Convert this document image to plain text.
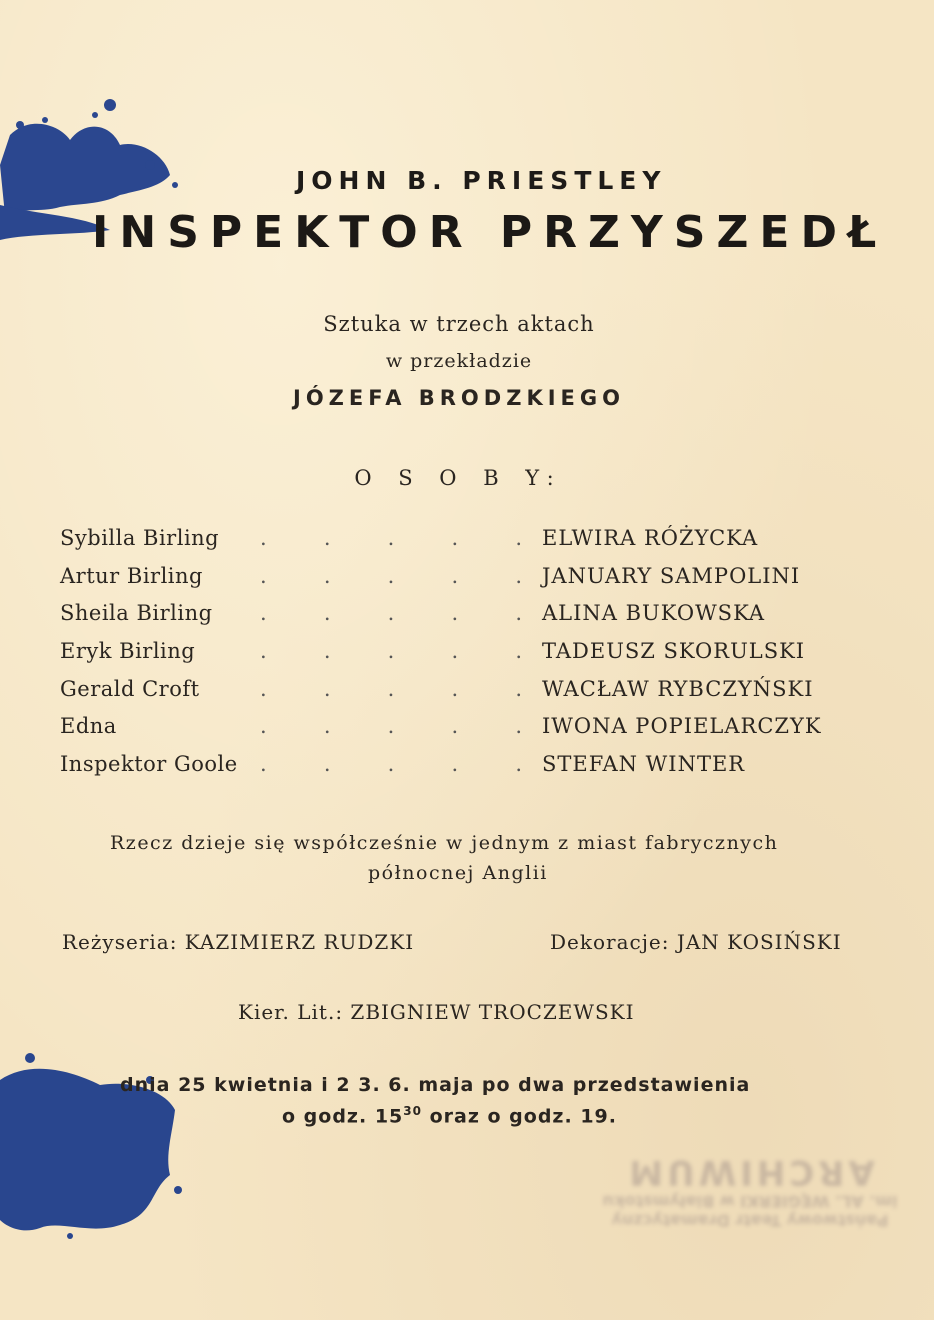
Państwowy Teatr Dramatyczny
im. AL. WĘGIERKI w Białymstoku
ARCHIWUM
JOHN B. PRIESTLEY
INSPEKTOR PRZYSZEDŁ
Sztuka w trzech aktach
w przekładzie
JÓZEFA BRODZKIEGO
O S O B Y:
Sybilla Birling .	.	.	.	. ELWIRA RÓŻYCKA
Artur Birling	.	.	.	.	. JANUARY SAMPOLINI
Sheila Birling .	.	.	.	. ALINA BUKOWSKA
Eryk Birling	.	.	.	.	. TADEUSZ SKORULSKI
Gerald Croft	.	.	.	.	. WACŁAW RYBCZYŃSKI
Edna	.	.	.	.	. IWONA POPIELARCZYK
Inspektor Goole .	.	.	.	. STEFAN WINTER
Rzecz dzieje się współcześnie w jednym z miast fabrycznych
północnej Anglii
Reżyseria: KAZIMIERZ RUDZKI	Dekoracje: JAN KOSIŃSKI
Kier. Lit.: ZBIGNIEW TROCZEWSKI
dnia 25 kwietnia i 2 3. 6. maja po dwa przedstawienia
o godz. $15^{30}$ oraz o godz. 19.
